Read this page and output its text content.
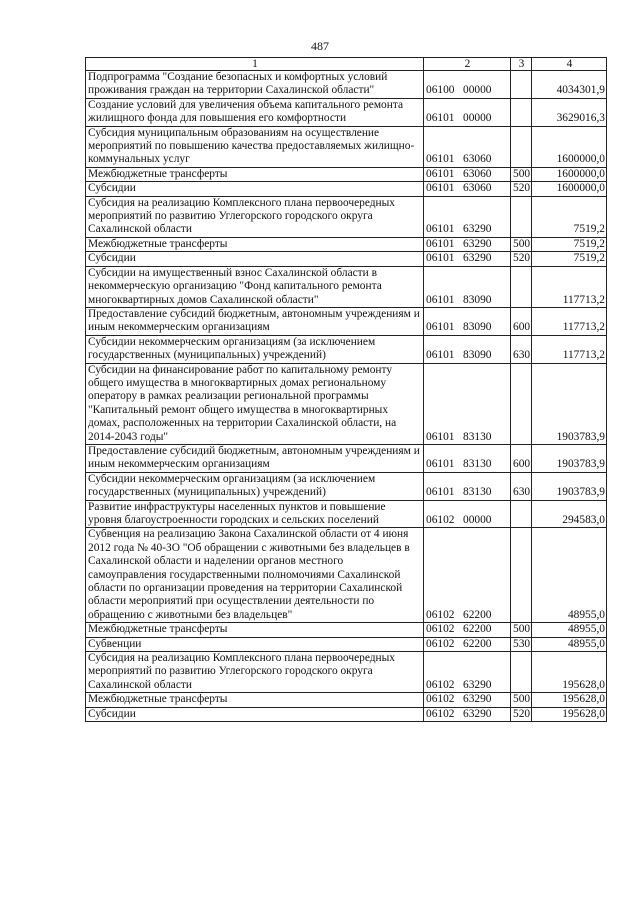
487
1	2	3	4
Подпрограмма "Создание безопасных и комфортных условий проживания граждан на территории Сахалинской области"	06100 00000		4034301,9
Создание условий для увеличения объема капитального ремонта жилищного фонда для повышения его комфортности	06101 00000		3629016,3
Субсидия муниципальным образованиям на осуществление мероприятий по повышению качества предоставляемых жилищно-коммунальных услуг	06101 63060		1600000,0
Межбюджетные трансферты	06101 63060	500	1600000,0
Субсидии	06101 63060	520	1600000,0
Субсидия на реализацию Комплексного плана первоочередных мероприятий по развитию Углегорского городского округа Сахалинской области	06101 63290		7519,2
Межбюджетные трансферты	06101 63290	500	7519,2
Субсидии	06101 63290	520	7519,2
Субсидии на имущественный взнос Сахалинской области в некоммерческую организацию "Фонд капитального ремонта многоквартирных домов Сахалинской области"	06101 83090		117713,2
Предоставление субсидий бюджетным, автономным учреждениям и иным некоммерческим организациям	06101 83090	600	117713,2
Субсидии некоммерческим организациям (за исключением государственных (муниципальных) учреждений)	06101 83090	630	117713,2
Субсидии на финансирование работ по капитальному ремонту общего имущества в многоквартирных домах региональному оператору в рамках реализации региональной программы "Капитальный ремонт общего имущества в многоквартирных домах, расположенных на территории Сахалинской области, на 2014-2043 годы"	06101 83130		1903783,9
Предоставление субсидий бюджетным, автономным учреждениям и иным некоммерческим организациям	06101 83130	600	1903783,9
Субсидии некоммерческим организациям (за исключением государственных (муниципальных) учреждений)	06101 83130	630	1903783,9
Развитие инфраструктуры населенных пунктов и повышение уровня благоустроенности городских и сельских поселений	06102 00000		294583,0
Субвенция на реализацию Закона Сахалинской области от 4 июня 2012 года № 40-ЗО "Об обращении с животными без владельцев в Сахалинской области и наделении органов местного самоуправления государственными полномочиями Сахалинской области по организации проведения на территории Сахалинской области мероприятий при осуществлении деятельности по обращению с животными без владельцев"	06102 62200		48955,0
Межбюджетные трансферты	06102 62200	500	48955,0
Субвенции	06102 62200	530	48955,0
Субсидия на реализацию Комплексного плана первоочередных мероприятий по развитию Углегорского городского округа Сахалинской области	06102 63290		195628,0
Межбюджетные трансферты	06102 63290	500	195628,0
Субсидии	06102 63290	520	195628,0
